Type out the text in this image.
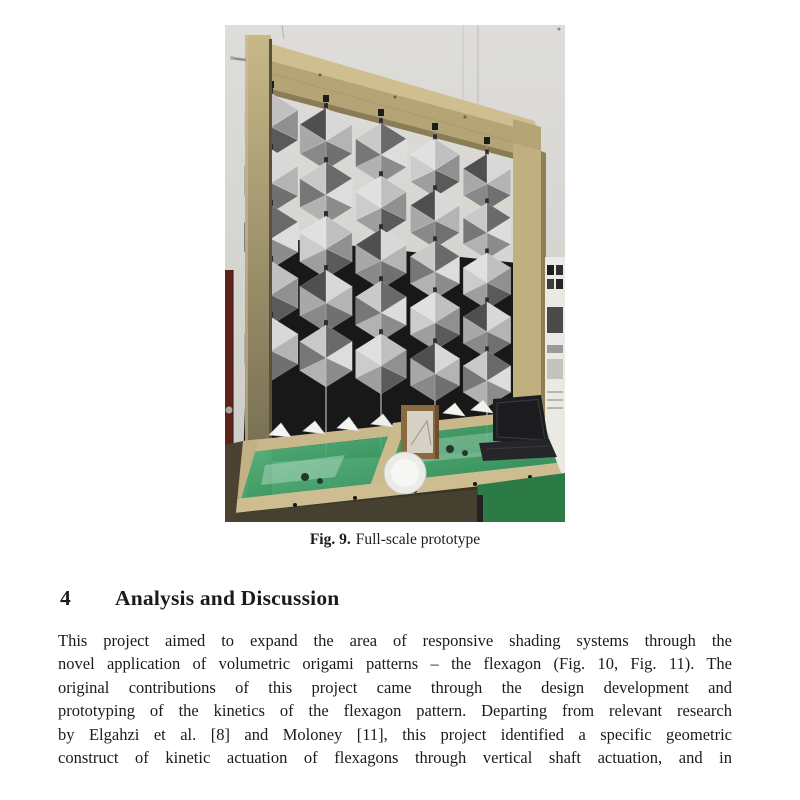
Fig. 9. Full-scale prototype
4 Analysis and Discussion
This project aimed to expand the area of responsive shading systems through the
novel application of volumetric origami patterns – the flexagon (Fig. 10, Fig. 11). The
original contributions of this project came through the design development and
prototyping of the kinetics of the flexagon pattern. Departing from relevant research
by Elgahzi et al. [8] and Moloney [11], this project identified a specific geometric
construct of kinetic actuation of flexagons through vertical shaft actuation, and in
